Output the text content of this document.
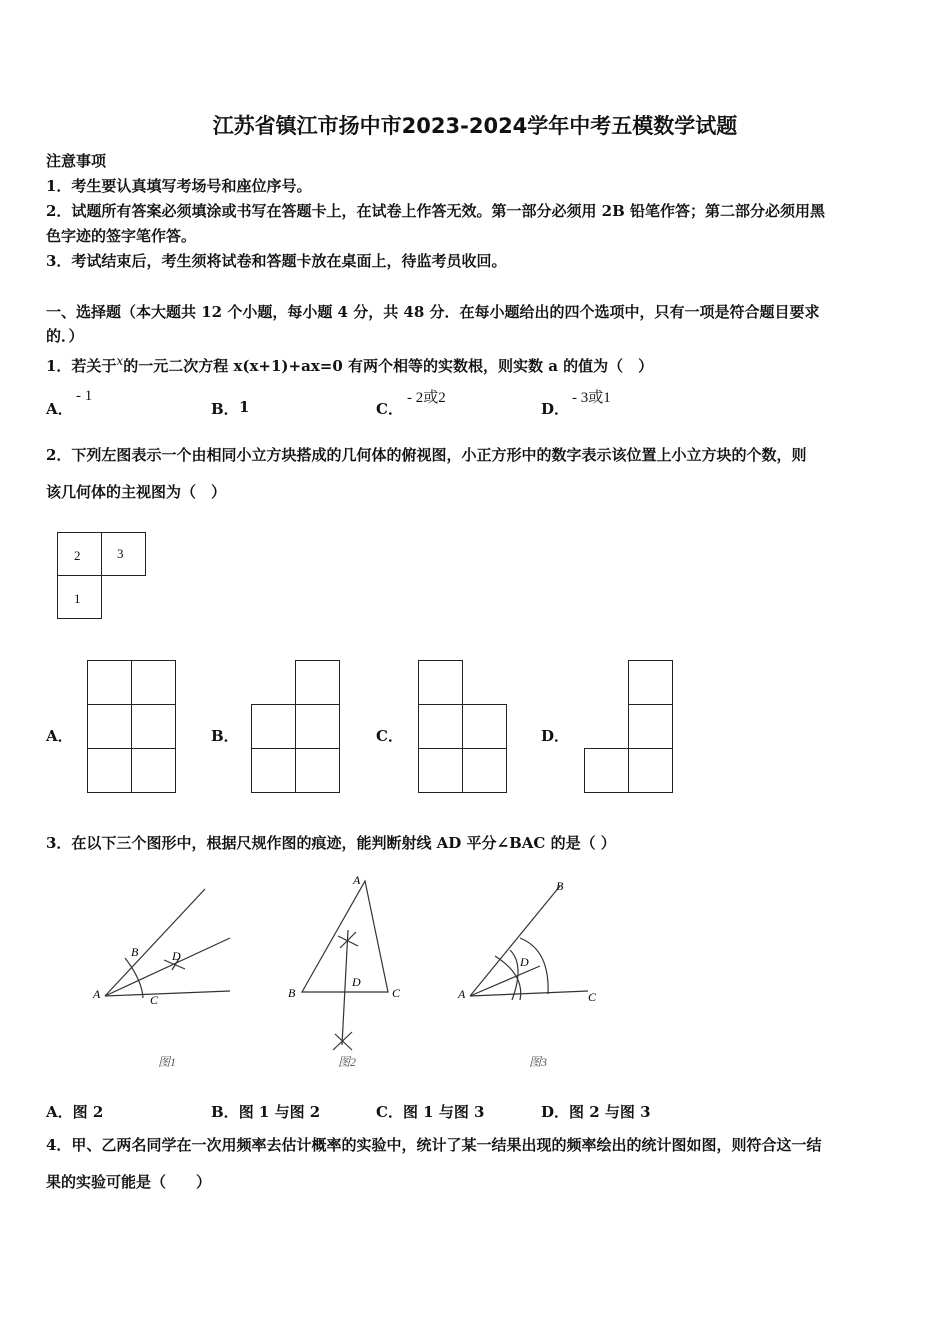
江苏省镇江市扬中市2023-2024学年中考五模数学试题
注意事项
1．考生要认真填写考场号和座位序号。
2．试题所有答案必须填涂或书写在答题卡上，在试卷上作答无效。第一部分必须用 2B 铅笔作答；第二部分必须用黑
色字迹的签字笔作答。
3．考试结束后，考生须将试卷和答题卡放在桌面上，待监考员收回。
一、选择题（本大题共 12 个小题，每小题 4 分，共 48 分．在每小题给出的四个选项中，只有一项是符合题目要求
的．）
1．若关于$^x$的一元二次方程 x(x+1)+ax=0 有两个相等的实数根，则实数 a 的值为（　）
A．
- 1
B． 1	C．
- 2或2
D．
- 3或1
2．下列左图表示一个由相同小立方块搭成的几何体的俯视图，小正方形中的数字表示该位置上小立方块的个数，则
该几何体的主视图为（　）
2	3
1
A．	B．	C．	D．
3．在以下三个图形中，根据尺规作图的痕迹，能判断射线 AD 平分∠BAC 的是（ ）
A
B
C
D
图1
A
B	C
D
图2
A
B
C
D
图3
A．图 2	B．图 1 与图 2	C．图 1 与图 3	D．图 2 与图 3
4．甲、乙两名同学在一次用频率去估计概率的实验中，统计了某一结果出现的频率绘出的统计图如图，则符合这一结
果的实验可能是（　　）
